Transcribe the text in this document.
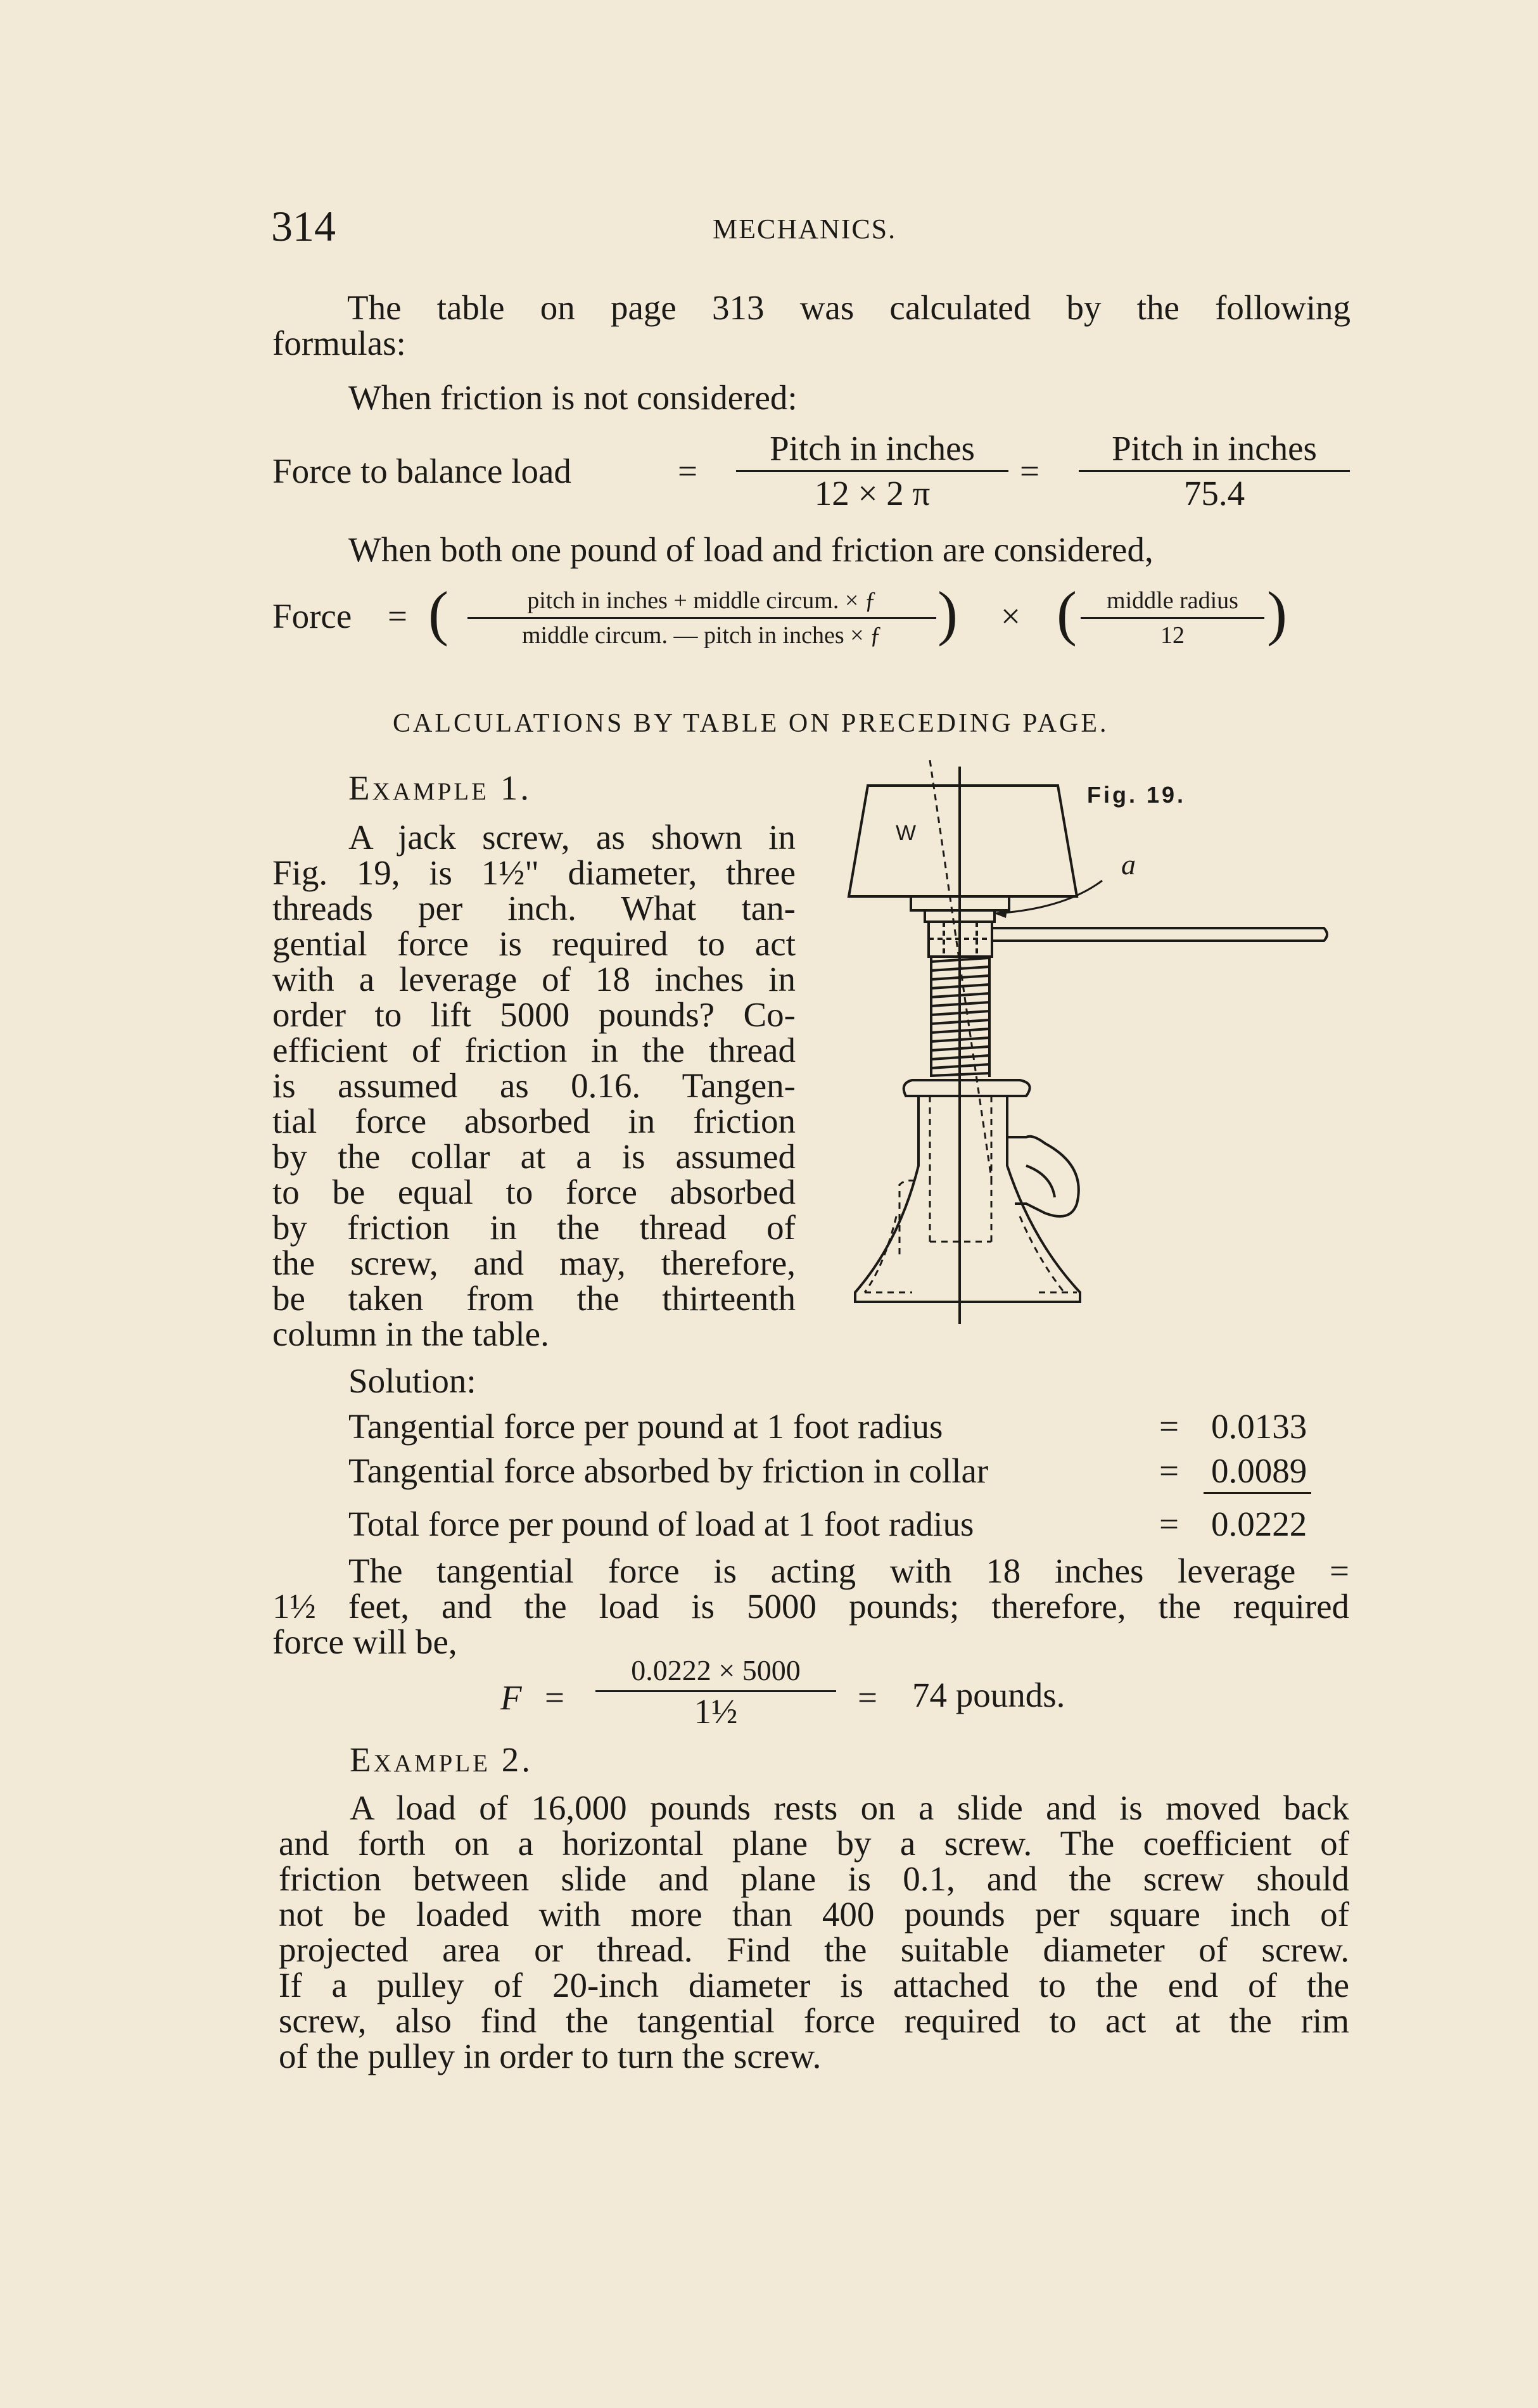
314	MECHANICS.
The table on page 313 was calculated by the following
formulas:
When friction is not considered:
Force to balance load	=
Pitch in inches
12 × 2 π
=
Pitch in inches
75.4
When both one pound of load and friction are considered,
Force = (	pitch in inches + middle circum. × ƒ
middle circum. — pitch in inches × ƒ ) × (	middle radius
12	)
CALCULATIONS BY TABLE ON PRECEDING PAGE.
Example 1.
A jack screw, as shown in
Fig. 19, is 1½" diameter, three
threads per inch. What tan-
gential force is required to act
with a leverage of 18 inches in
order to lift 5000 pounds? Co-
efficient of friction in the thread
is assumed as 0.16. Tangen-
tial force absorbed in friction
by the collar at a is assumed
to be equal to force absorbed
by friction in the thread of
the screw, and may, therefore,
be taken from the thirteenth
column in the table.
Solution:
W
a
Fig. 19.
Tangential force per pound at 1 foot radius	= 0.0133
Tangential force absorbed by friction in collar	= 0.0089
Total force per pound of load at 1 foot radius	= 0.0222
The tangential force is acting with 18 inches leverage =
1½ feet, and the load is 5000 pounds; therefore, the required
force will be,
F =
0.0222 × 5000
1½	= 74 pounds.
Example 2.
A load of 16,000 pounds rests on a slide and is moved back
and forth on a horizontal plane by a screw. The coefficient of
friction between slide and plane is 0.1, and the screw should
not be loaded with more than 400 pounds per square inch of
projected area or thread. Find the suitable diameter of screw.
If a pulley of 20-inch diameter is attached to the end of the
screw, also find the tangential force required to act at the rim
of the pulley in order to turn the screw.
